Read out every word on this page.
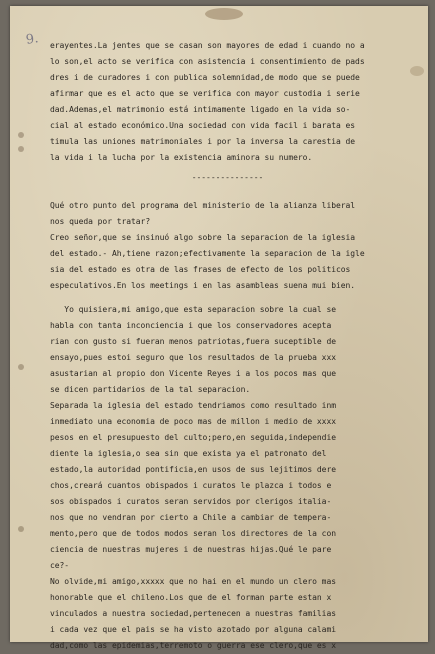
9. erayentes.La jentes que se casan son mayores de edad i cuando no a
lo son,el acto se verifica con asistencia i consentimiento de pads
dres i de curadores i con publica solemnidad,de modo que se puede
afirmar que es el acto que se verifica con mayor custodia i serie
dad.Ademas,el matrimonio está intimamente ligado en la vida so-
cial al estado económico.Una sociedad con vida facil i barata es
timula las uniones matrimoniales i por la inversa la carestia de
la vida i la lucha por la existencia aminora su numero.
---------------
Qué otro punto del programa del ministerio de la alianza liberal
nos queda por tratar?
Creo señor,que se insinuó algo sobre la separacion de la iglesia
del estado.- Ah,tiene razon;efectivamente la separacion de la igle
sia del estado es otra de las frases de efecto de los politicos
especulativos.En los meetings i en las asambleas suena mui bien.
Yo quisiera,mi amigo,que esta separacion sobre la cual se
habla con tanta inconciencia i que los conservadores acepta
rian con gusto si fueran menos patriotas,fuera suceptible de
ensayo,pues estoi seguro que los resultados de la prueba xxx
asustarian al propio don Vicente Reyes i a los pocos mas que
se dicen partidarios de la tal separacion.
Separada la iglesia del estado tendriamos como resultado inm
inmediato una economia de poco mas de millon i medio de xxxx
pesos en el presupuesto del culto;pero,en seguida,independie
diente la iglesia,o sea sin que exista ya el patronato del
estado,la autoridad pontificia,en usos de sus lejitimos dere
chos,creará cuantos obispados i curatos le plazca i todos e
sos obispados i curatos seran servidos por clerigos italia-
nos que no vendran por cierto a Chile a cambiar de tempera-
mento,pero que de todos modos seran los directores de la con
ciencia de nuestras mujeres i de nuestras hijas.Qué le pare
ce?-
No olvide,mi amigo,xxxxx que no hai en el mundo un clero mas
honorable que el chileno.Los que de el forman parte estan x
vinculados a nuestra sociedad,pertenecen a nuestras familias
i cada vez que el pais se ha visto azotado por alguna calami
dad,como las epidemias,terremoto o guerra ese clero,que es x
